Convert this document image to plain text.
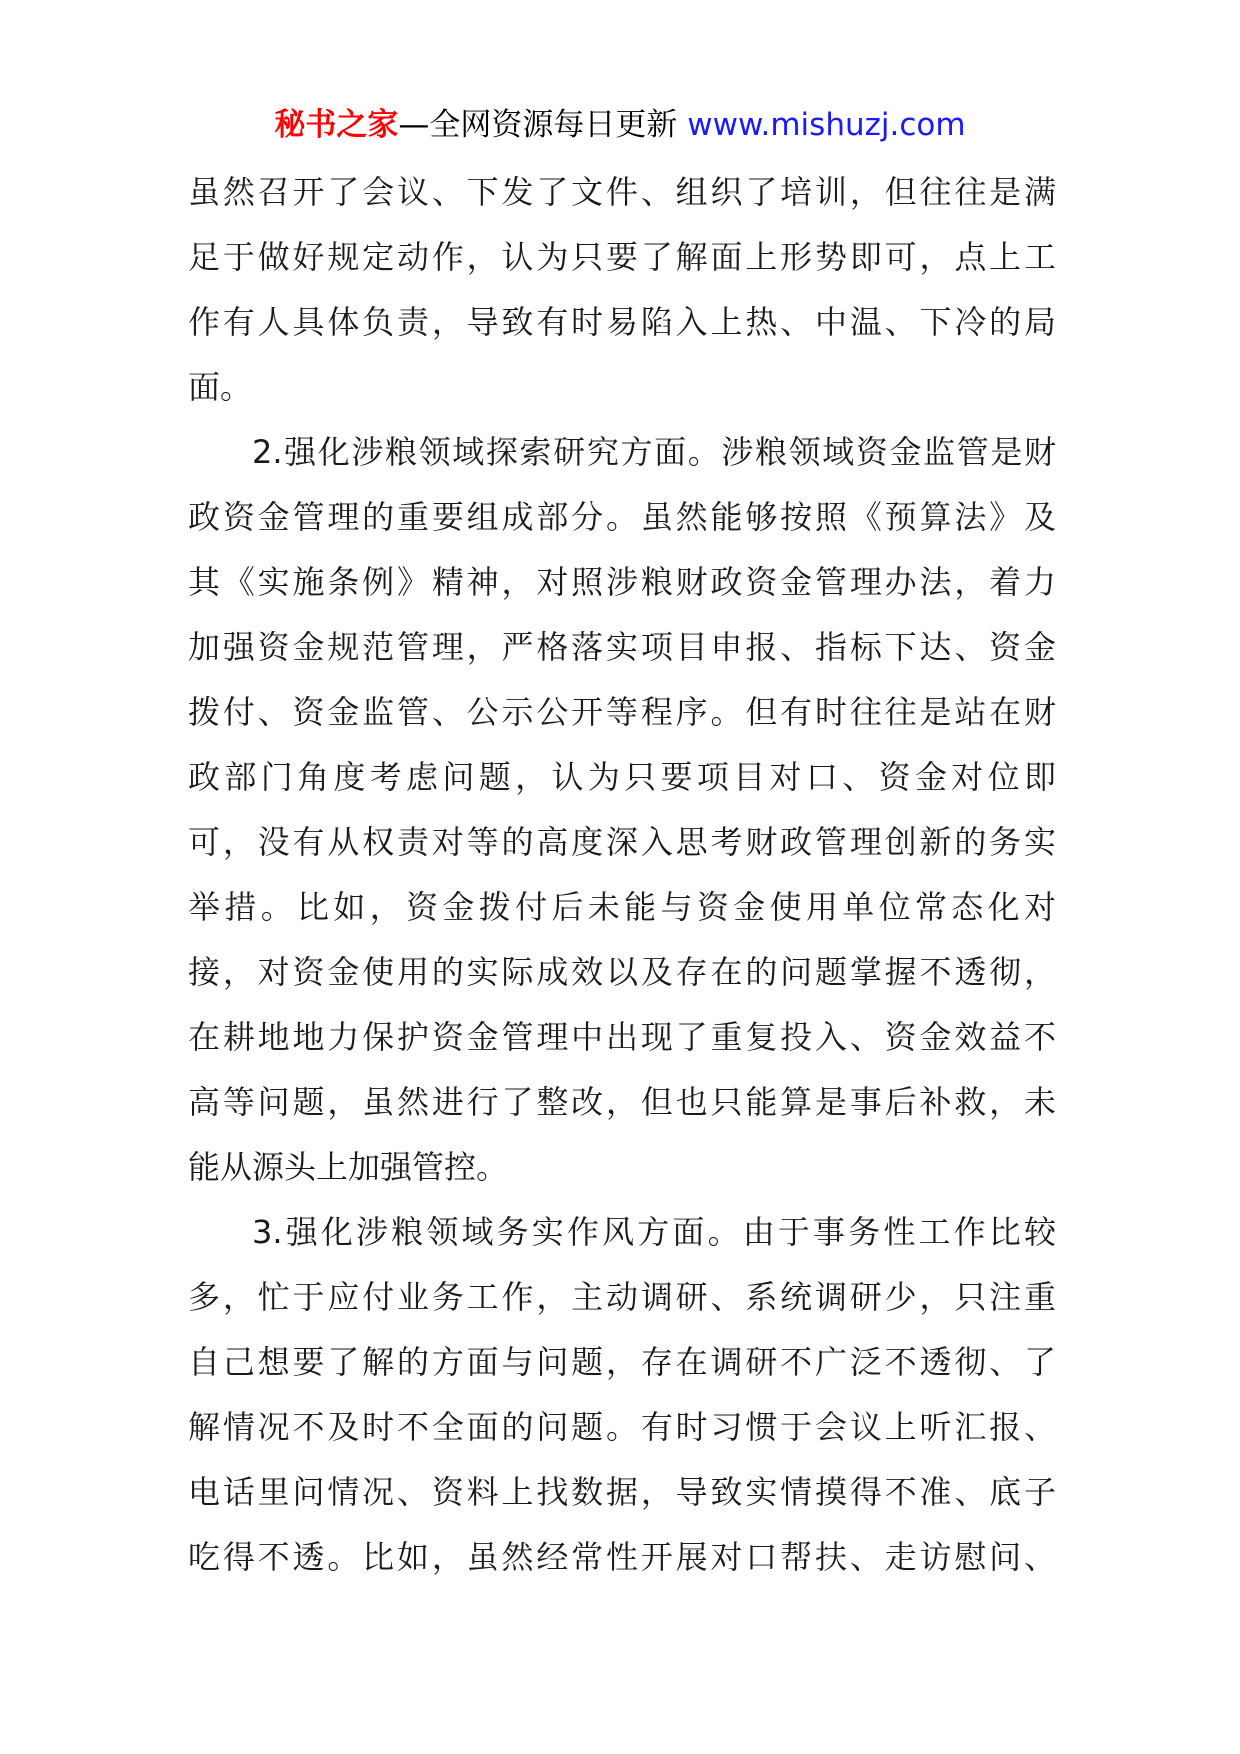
秘书之家—全网资源每日更新 www.mishuzj.com
虽然召开了会议、下发了文件、组织了培训，但往往是满
足于做好规定动作，认为只要了解面上形势即可，点上工
作有人具体负责，导致有时易陷入上热、中温、下冷的局
面。
2.强化涉粮领域探索研究方面。涉粮领域资金监管是财
政资金管理的重要组成部分。虽然能够按照《预算法》及
其《实施条例》精神，对照涉粮财政资金管理办法，着力
加强资金规范管理，严格落实项目申报、指标下达、资金
拨付、资金监管、公示公开等程序。但有时往往是站在财
政部门角度考虑问题，认为只要项目对口、资金对位即
可，没有从权责对等的高度深入思考财政管理创新的务实
举措。比如，资金拨付后未能与资金使用单位常态化对
接，对资金使用的实际成效以及存在的问题掌握不透彻，
在耕地地力保护资金管理中出现了重复投入、资金效益不
高等问题，虽然进行了整改，但也只能算是事后补救，未
能从源头上加强管控。
3.强化涉粮领域务实作风方面。由于事务性工作比较
多，忙于应付业务工作，主动调研、系统调研少，只注重
自己想要了解的方面与问题，存在调研不广泛不透彻、了
解情况不及时不全面的问题。有时习惯于会议上听汇报、
电话里问情况、资料上找数据，导致实情摸得不准、底子
吃得不透。比如，虽然经常性开展对口帮扶、走访慰问、
